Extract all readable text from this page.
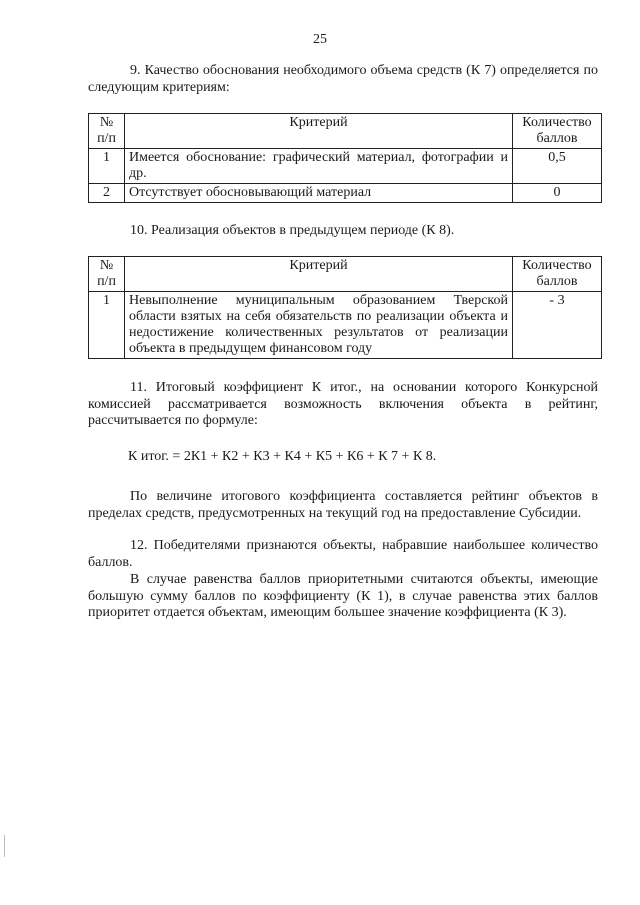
25
9. Качество обоснования необходимого объема средств (К 7) определяется по следующим критериям:
№ п/п	Критерий	Количество баллов
1	Имеется обоснование: графический материал, фотографии и др.	0,5
2	Отсутствует обосновывающий материал	0
10. Реализация объектов в предыдущем периоде (К 8).
№ п/п	Критерий	Количество баллов
1	Невыполнение муниципальным образованием Тверской области взятых на себя обязательств по реализации объекта и недостижение количественных результатов от реализации объекта в предыдущем финансовом году	- 3
11. Итоговый коэффициент К итог., на основании которого Конкурсной комиссией рассматривается возможность включения объекта в рейтинг, рассчитывается по формуле:
К итог. = 2К1 + К2 + К3 + К4 + К5 + К6 + К 7 + К 8.
По величине итогового коэффициента составляется рейтинг объектов в пределах средств, предусмотренных на текущий год на предоставление Субсидии.
12. Победителями признаются объекты, набравшие наибольшее количество баллов.
В случае равенства баллов приоритетными считаются объекты, имеющие большую сумму баллов по коэффициенту (К 1), в случае равенства этих баллов приоритет отдается объектам, имеющим большее значение коэффициента (К 3).
